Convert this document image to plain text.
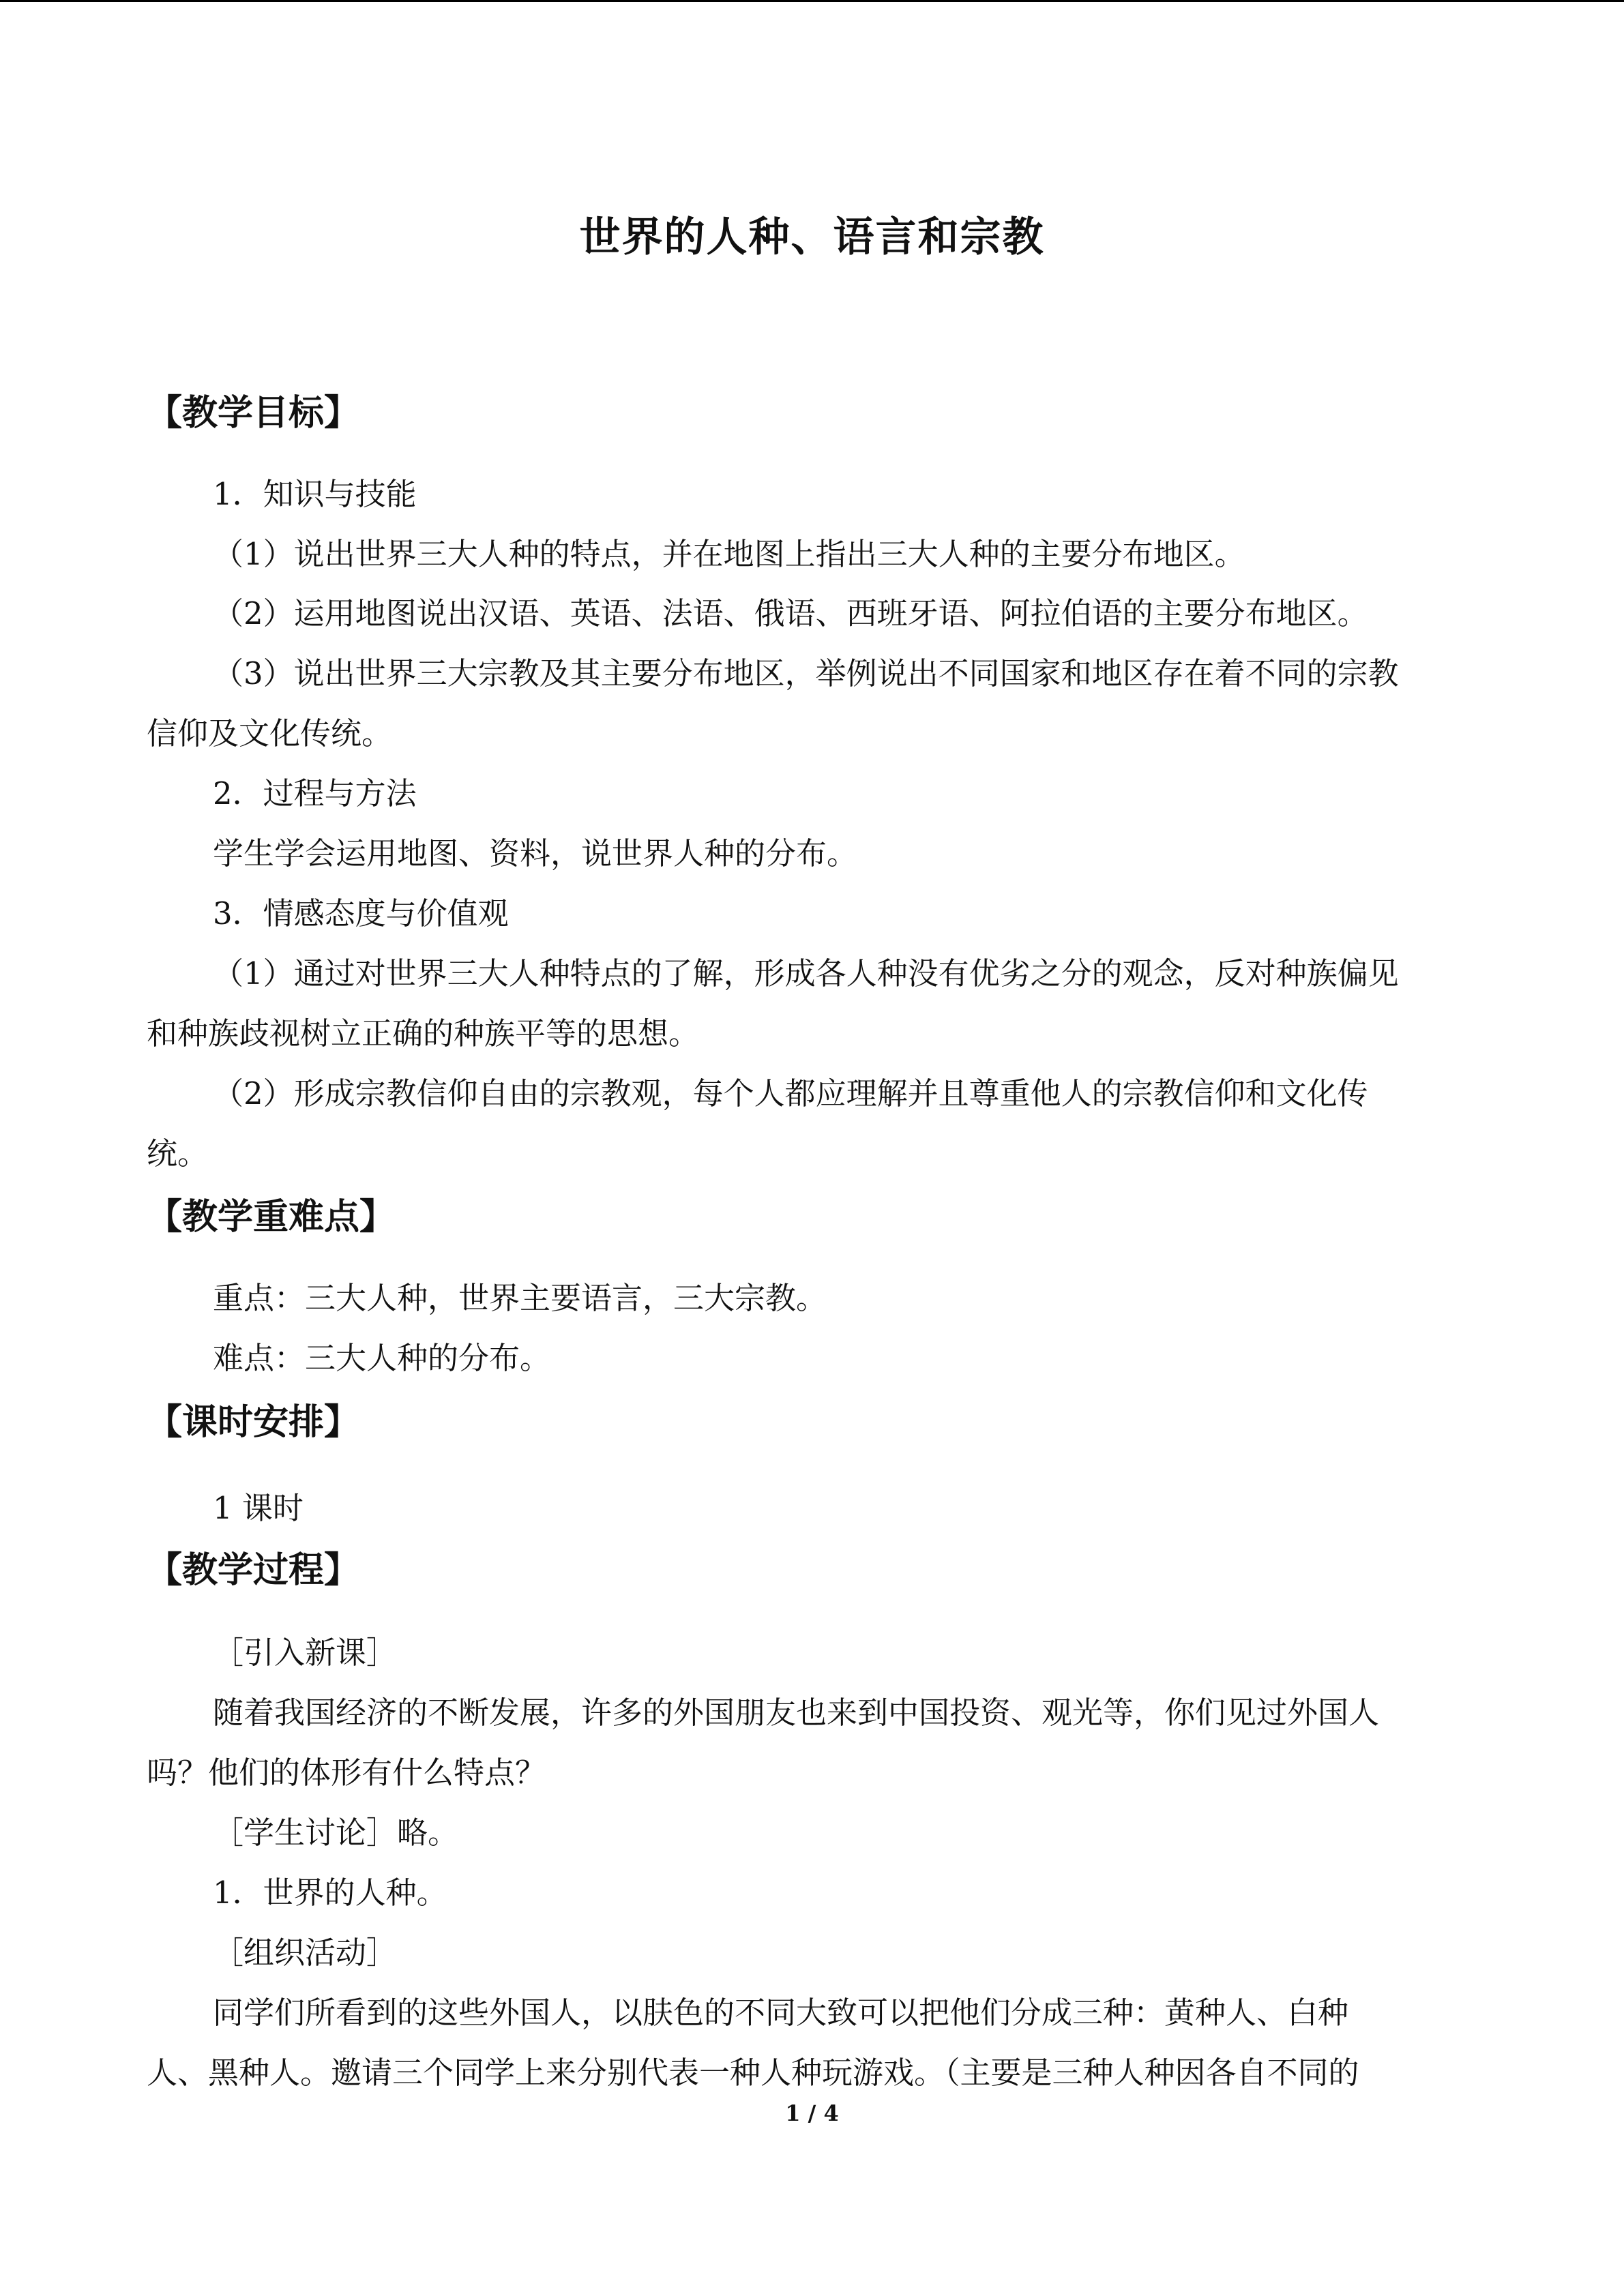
世界的人种、语言和宗教
【教学目标】
1．知识与技能
（1）说出世界三大人种的特点，并在地图上指出三大人种的主要分布地区。
（2）运用地图说出汉语、英语、法语、俄语、西班牙语、阿拉伯语的主要分布地区。
（3）说出世界三大宗教及其主要分布地区，举例说出不同国家和地区存在着不同的宗教
信仰及文化传统。
2．过程与方法
学生学会运用地图、资料，说世界人种的分布。
3．情感态度与价值观
（1）通过对世界三大人种特点的了解，形成各人种没有优劣之分的观念，反对种族偏见
和种族歧视树立正确的种族平等的思想。
（2）形成宗教信仰自由的宗教观，每个人都应理解并且尊重他人的宗教信仰和文化传
统。
【教学重难点】
重点：三大人种，世界主要语言，三大宗教。
难点：三大人种的分布。
【课时安排】
1 课时
【教学过程】
［引入新课］
随着我国经济的不断发展，许多的外国朋友也来到中国投资、观光等，你们见过外国人
吗？他们的体形有什么特点？
［学生讨论］略。
1．世界的人种。
［组织活动］
同学们所看到的这些外国人，以肤色的不同大致可以把他们分成三种：黄种人、白种
人、黑种人。邀请三个同学上来分别代表一种人种玩游戏。（主要是三种人种因各自不同的
1 / 4
